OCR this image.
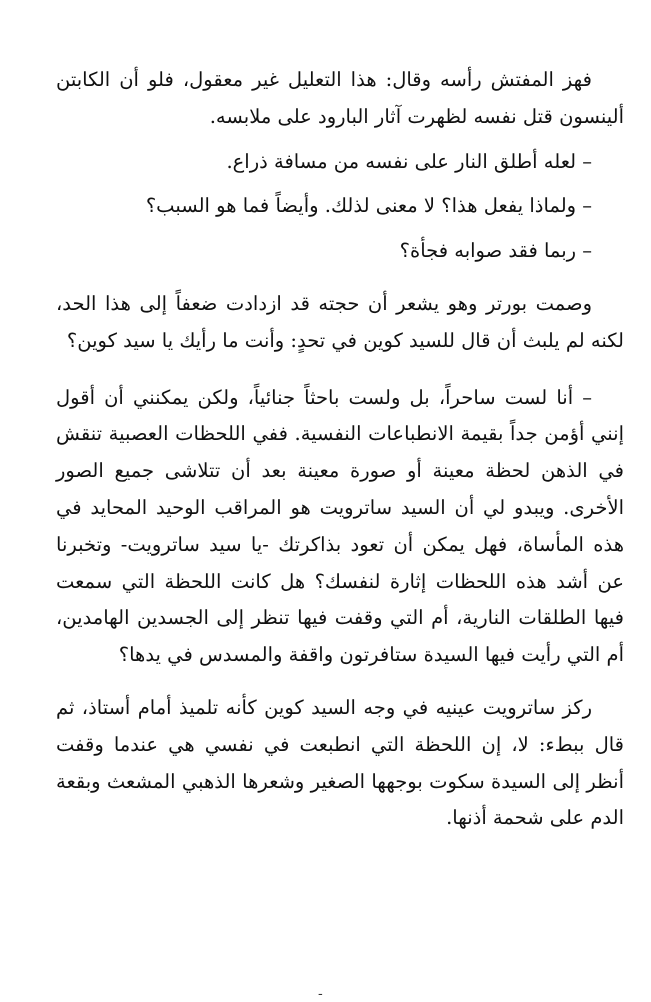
فهز المفتش رأسه وقال: هذا التعليل غير معقول، فلو أن الكابتن ألينسون قتل نفسه لظهرت آثار البارود على ملابسه.

– لعله أطلق النار على نفسه من مسافة ذراع.

– ولماذا يفعل هذا؟ لا معنى لذلك. وأيضاً فما هو السبب؟

– ربما فقد صوابه فجأة؟

وصمت بورتر وهو يشعر أن حجته قد ازدادت ضعفاً إلى هذا الحد، لكنه لم يلبث أن قال للسيد كوين في تحدٍ: وأنت ما رأيك يا سيد كوين؟

– أنا لست ساحراً، بل ولست باحثاً جنائياً، ولكن يمكنني أن أقول إنني أؤمن جداً بقيمة الانطباعات النفسية. ففي اللحظات العصبية تنقش في الذهن لحظة معينة أو صورة معينة بعد أن تتلاشى جميع الصور الأخرى. ويبدو لي أن السيد ساترويت هو المراقب الوحيد المحايد في هذه المأساة، فهل يمكن أن تعود بذاكرتك -يا سيد ساترويت- وتخبرنا عن أشد هذه اللحظات إثارة لنفسك؟ هل كانت اللحظة التي سمعت فيها الطلقات النارية، أم التي وقفت فيها تنظر إلى الجسدين الهامدين، أم التي رأيت فيها السيدة ستافرتون واقفة والمسدس في يدها؟

ركز ساترويت عينيه في وجه السيد كوين كأنه تلميذ أمام أستاذ، ثم قال ببطء: لا، إن اللحظة التي انطبعت في نفسي هي عندما وقفت أنظر إلى السيدة سكوت بوجهها الصغير وشعرها الذهبي المشعث وبقعة الدم على شحمة أذنها.

-
